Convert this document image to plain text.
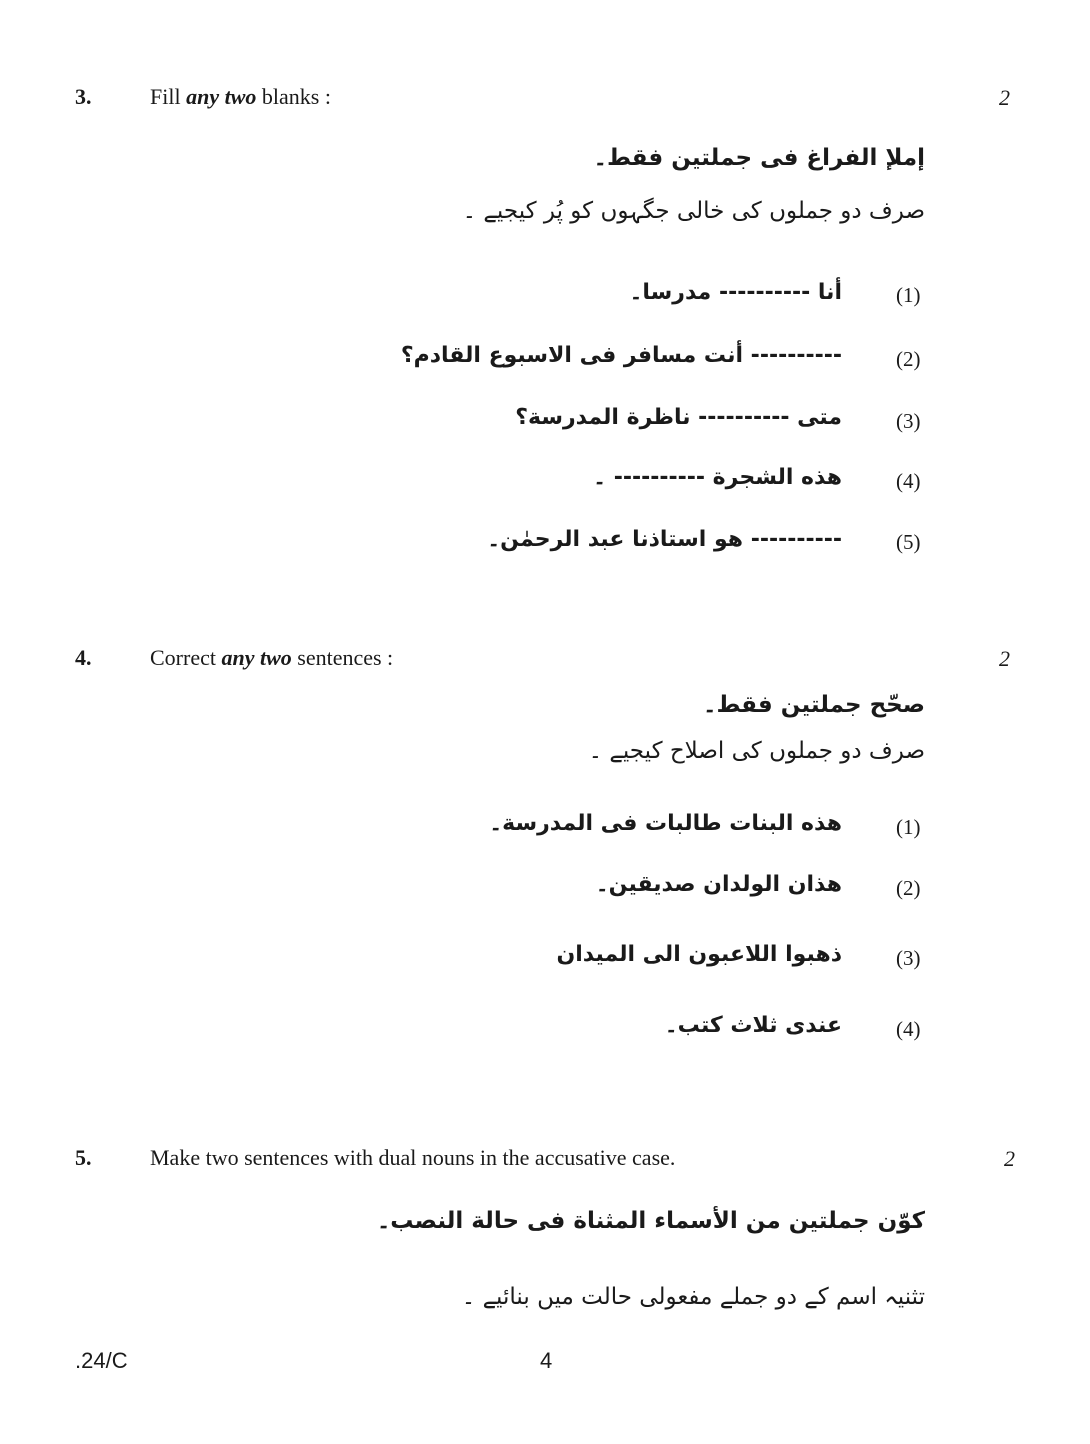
3.	Fill any two blanks :	2
إملإ الفراغ فی جملتین فقط۔
صرف دو جملوں کی خالی جگہوں کو پُر کیجیے ۔
(1)
أنا ---------- مدرسا۔
(2)
---------- أنت مسافر فی الاسبوع القادم؟
(3)
متی ---------- ناظرة المدرسة؟
(4)
هذه الشجرة ---------- ۔
(5)
---------- هو استاذنا عبد الرحمٰن۔
4.	Correct any two sentences :	2
صحّح جملتین فقط۔
صرف دو جملوں کی اصلاح کیجیے ۔
(1)
هذه البنات طالبات فی المدرسة۔
(2)
هذان الولدان صدیقین۔
(3)
ذهبوا اللاعبون الی المیدان
(4)
عندی ثلاث کتب۔
5.	Make two sentences with dual nouns in the accusative case.	2
کوّن جملتین من الأسماء المثناة فی حالة النصب۔
تثنیہ اسم کے دو جملے مفعولی حالت میں بنائیے ۔
.24/C	4
